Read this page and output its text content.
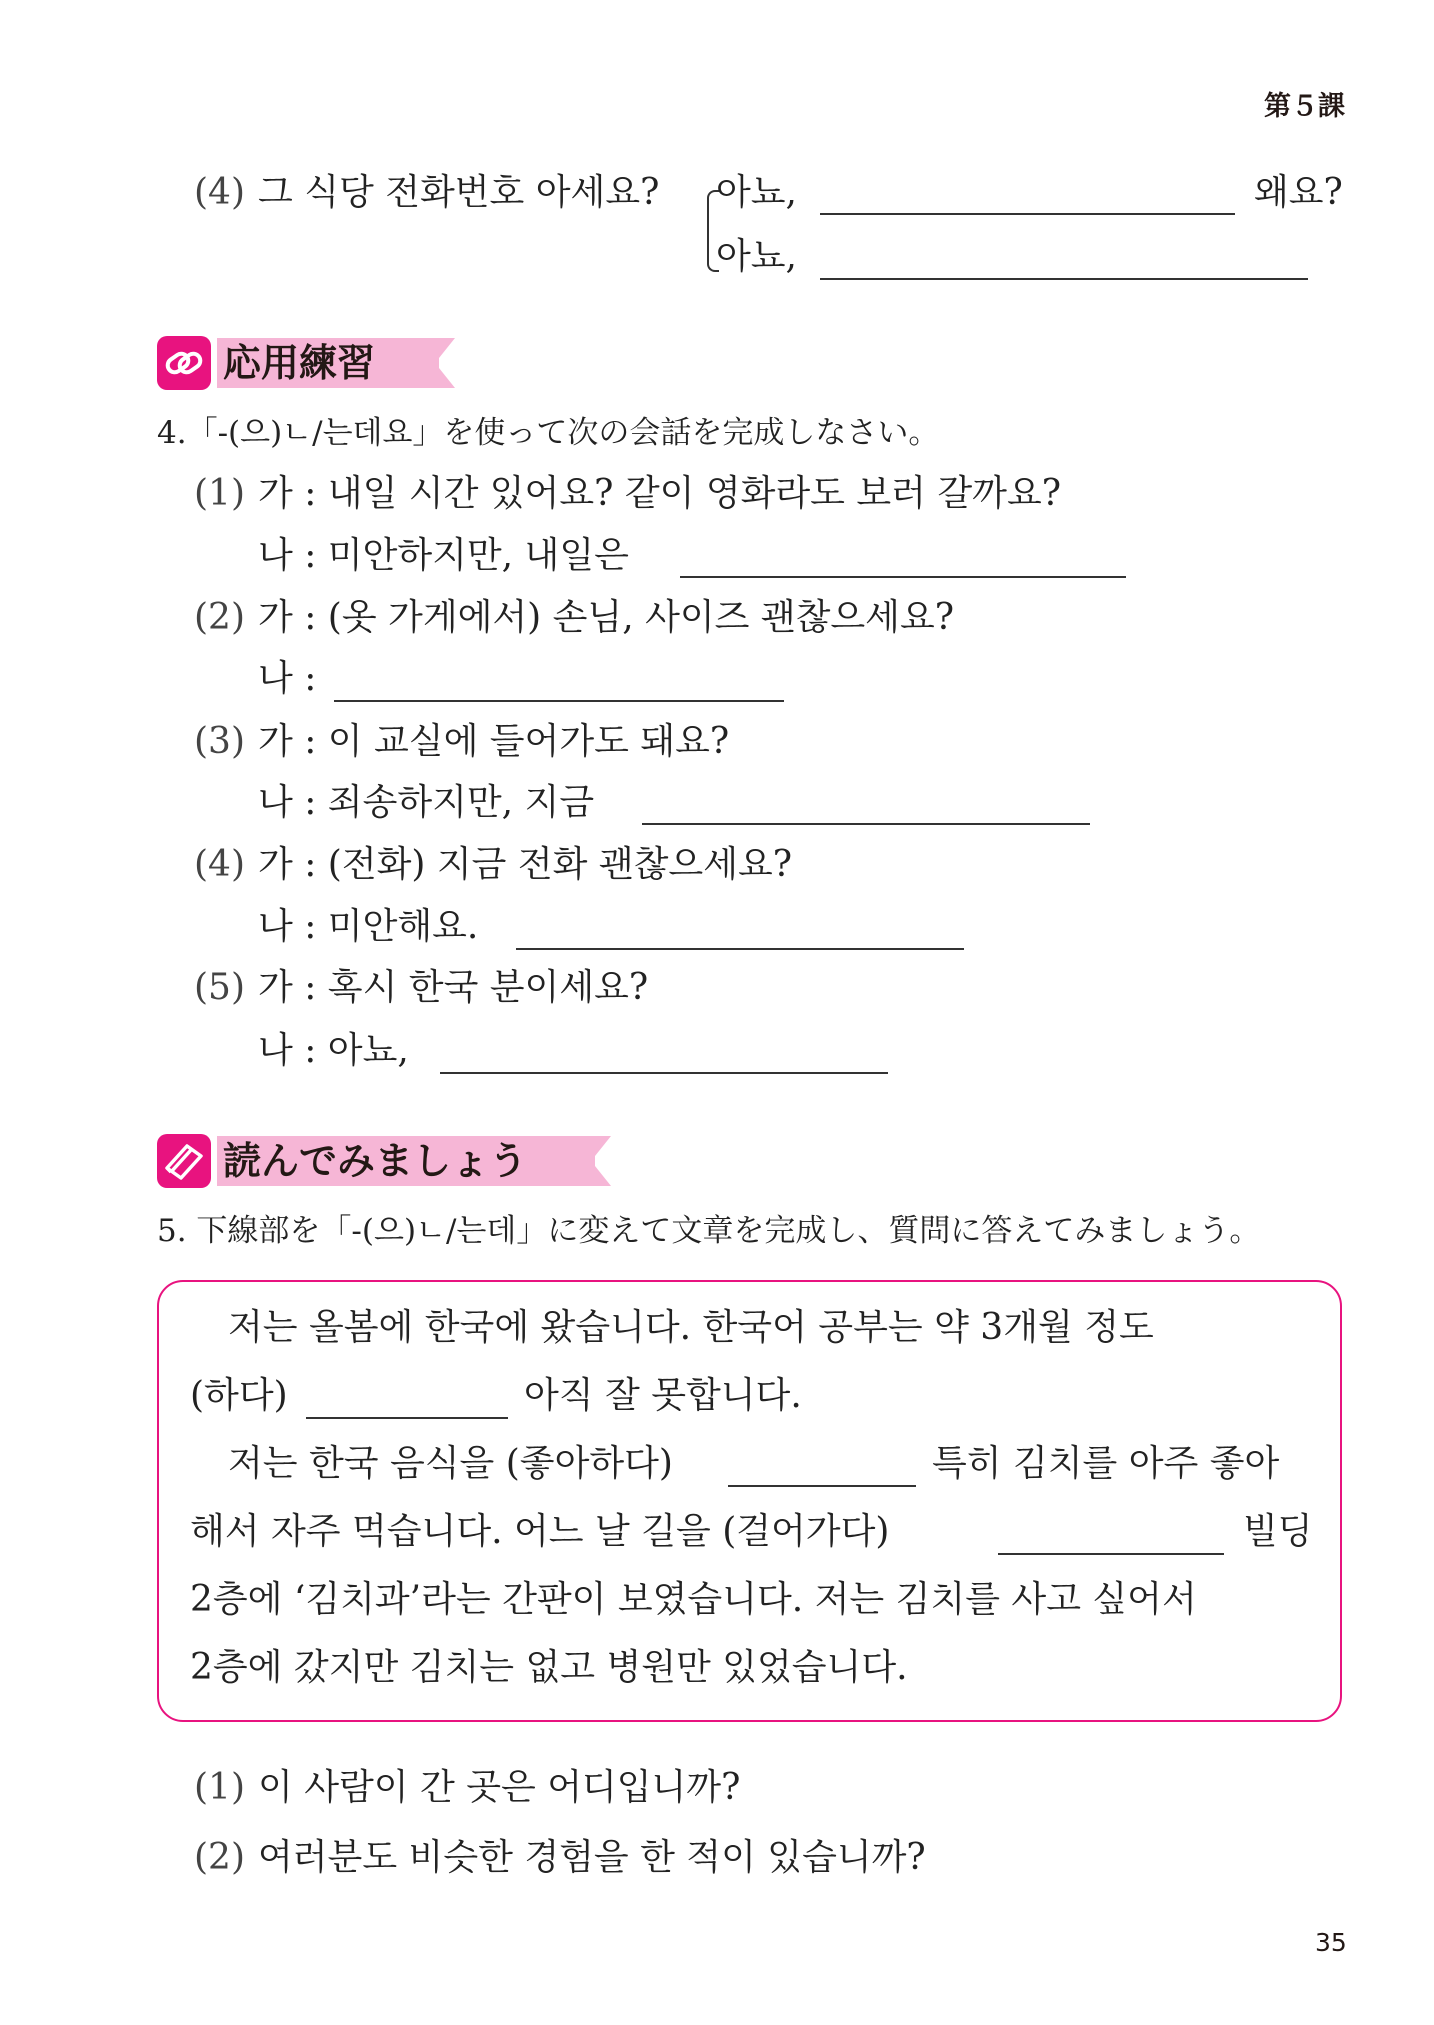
第５課
(4) 그 식당 전화번호 아세요? 아뇨,	왜요?
아뇨,
応用練習
4.「-(으)ㄴ/는데요」を使って次の会話を完成しなさい。
(1) 가 : 내일 시간 있어요? 같이 영화라도 보러 갈까요?
나 : 미안하지만, 내일은
(2) 가 : (옷 가게에서) 손님, 사이즈 괜찮으세요?
나 :
(3) 가 : 이 교실에 들어가도 돼요?
나 : 죄송하지만, 지금
(4) 가 : (전화) 지금 전화 괜찮으세요?
나 : 미안해요.
(5) 가 : 혹시 한국 분이세요?
나 : 아뇨,
読んでみましょう
5. 下線部を「-(으)ㄴ/는데」に変えて文章を完成し、質問に答えてみましょう。
저는 올봄에 한국에 왔습니다. 한국어 공부는 약 3개월 정도
(하다)	아직 잘 못합니다.
저는 한국 음식을 (좋아하다)	특히 김치를 아주 좋아
해서 자주 먹습니다. 어느 날 길을 (걸어가다)	빌딩
2층에 ‘김치과’라는 간판이 보였습니다. 저는 김치를 사고 싶어서
2층에 갔지만 김치는 없고 병원만 있었습니다.
(1) 이 사람이 간 곳은 어디입니까?
(2) 여러분도 비슷한 경험을 한 적이 있습니까?
35
